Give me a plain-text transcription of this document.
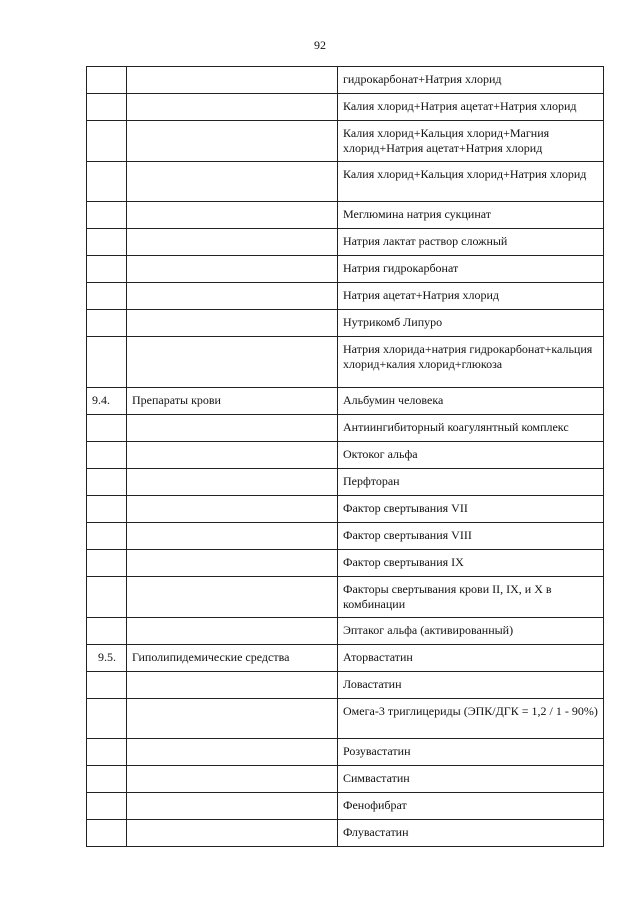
92
		гидрокарбонат+Натрия хлорид
		Калия хлорид+Натрия ацетат+Натрия хлорид
		Калия хлорид+Кальция хлорид+Магния хлорид+Натрия ацетат+Натрия хлорид
		Калия хлорид+Кальция хлорид+Натрия хлорид
		Меглюмина натрия сукцинат
		Натрия лактат раствор сложный
		Натрия гидрокарбонат
		Натрия ацетат+Натрия хлорид
		Нутрикомб Липуро
		Натрия хлорида+натрия гидрокарбонат+кальция хлорид+калия хлорид+глюкоза
9.4.	Препараты крови	Альбумин человека
		Антиингибиторный коагулянтный комплекс
		Октоког альфа
		Перфторан
		Фактор свертывания VII
		Фактор свертывания VIII
		Фактор свертывания IX
		Факторы свертывания крови II, IX, и X в комбинации
		Эптаког альфа (активированный)
9.5.	Гиполипидемические средства	Аторвастатин
		Ловастатин
		Омега-3 триглицериды (ЭПК/ДГК = 1,2 / 1 - 90%)
		Розувастатин
		Симвастатин
		Фенофибрат
		Флувастатин
